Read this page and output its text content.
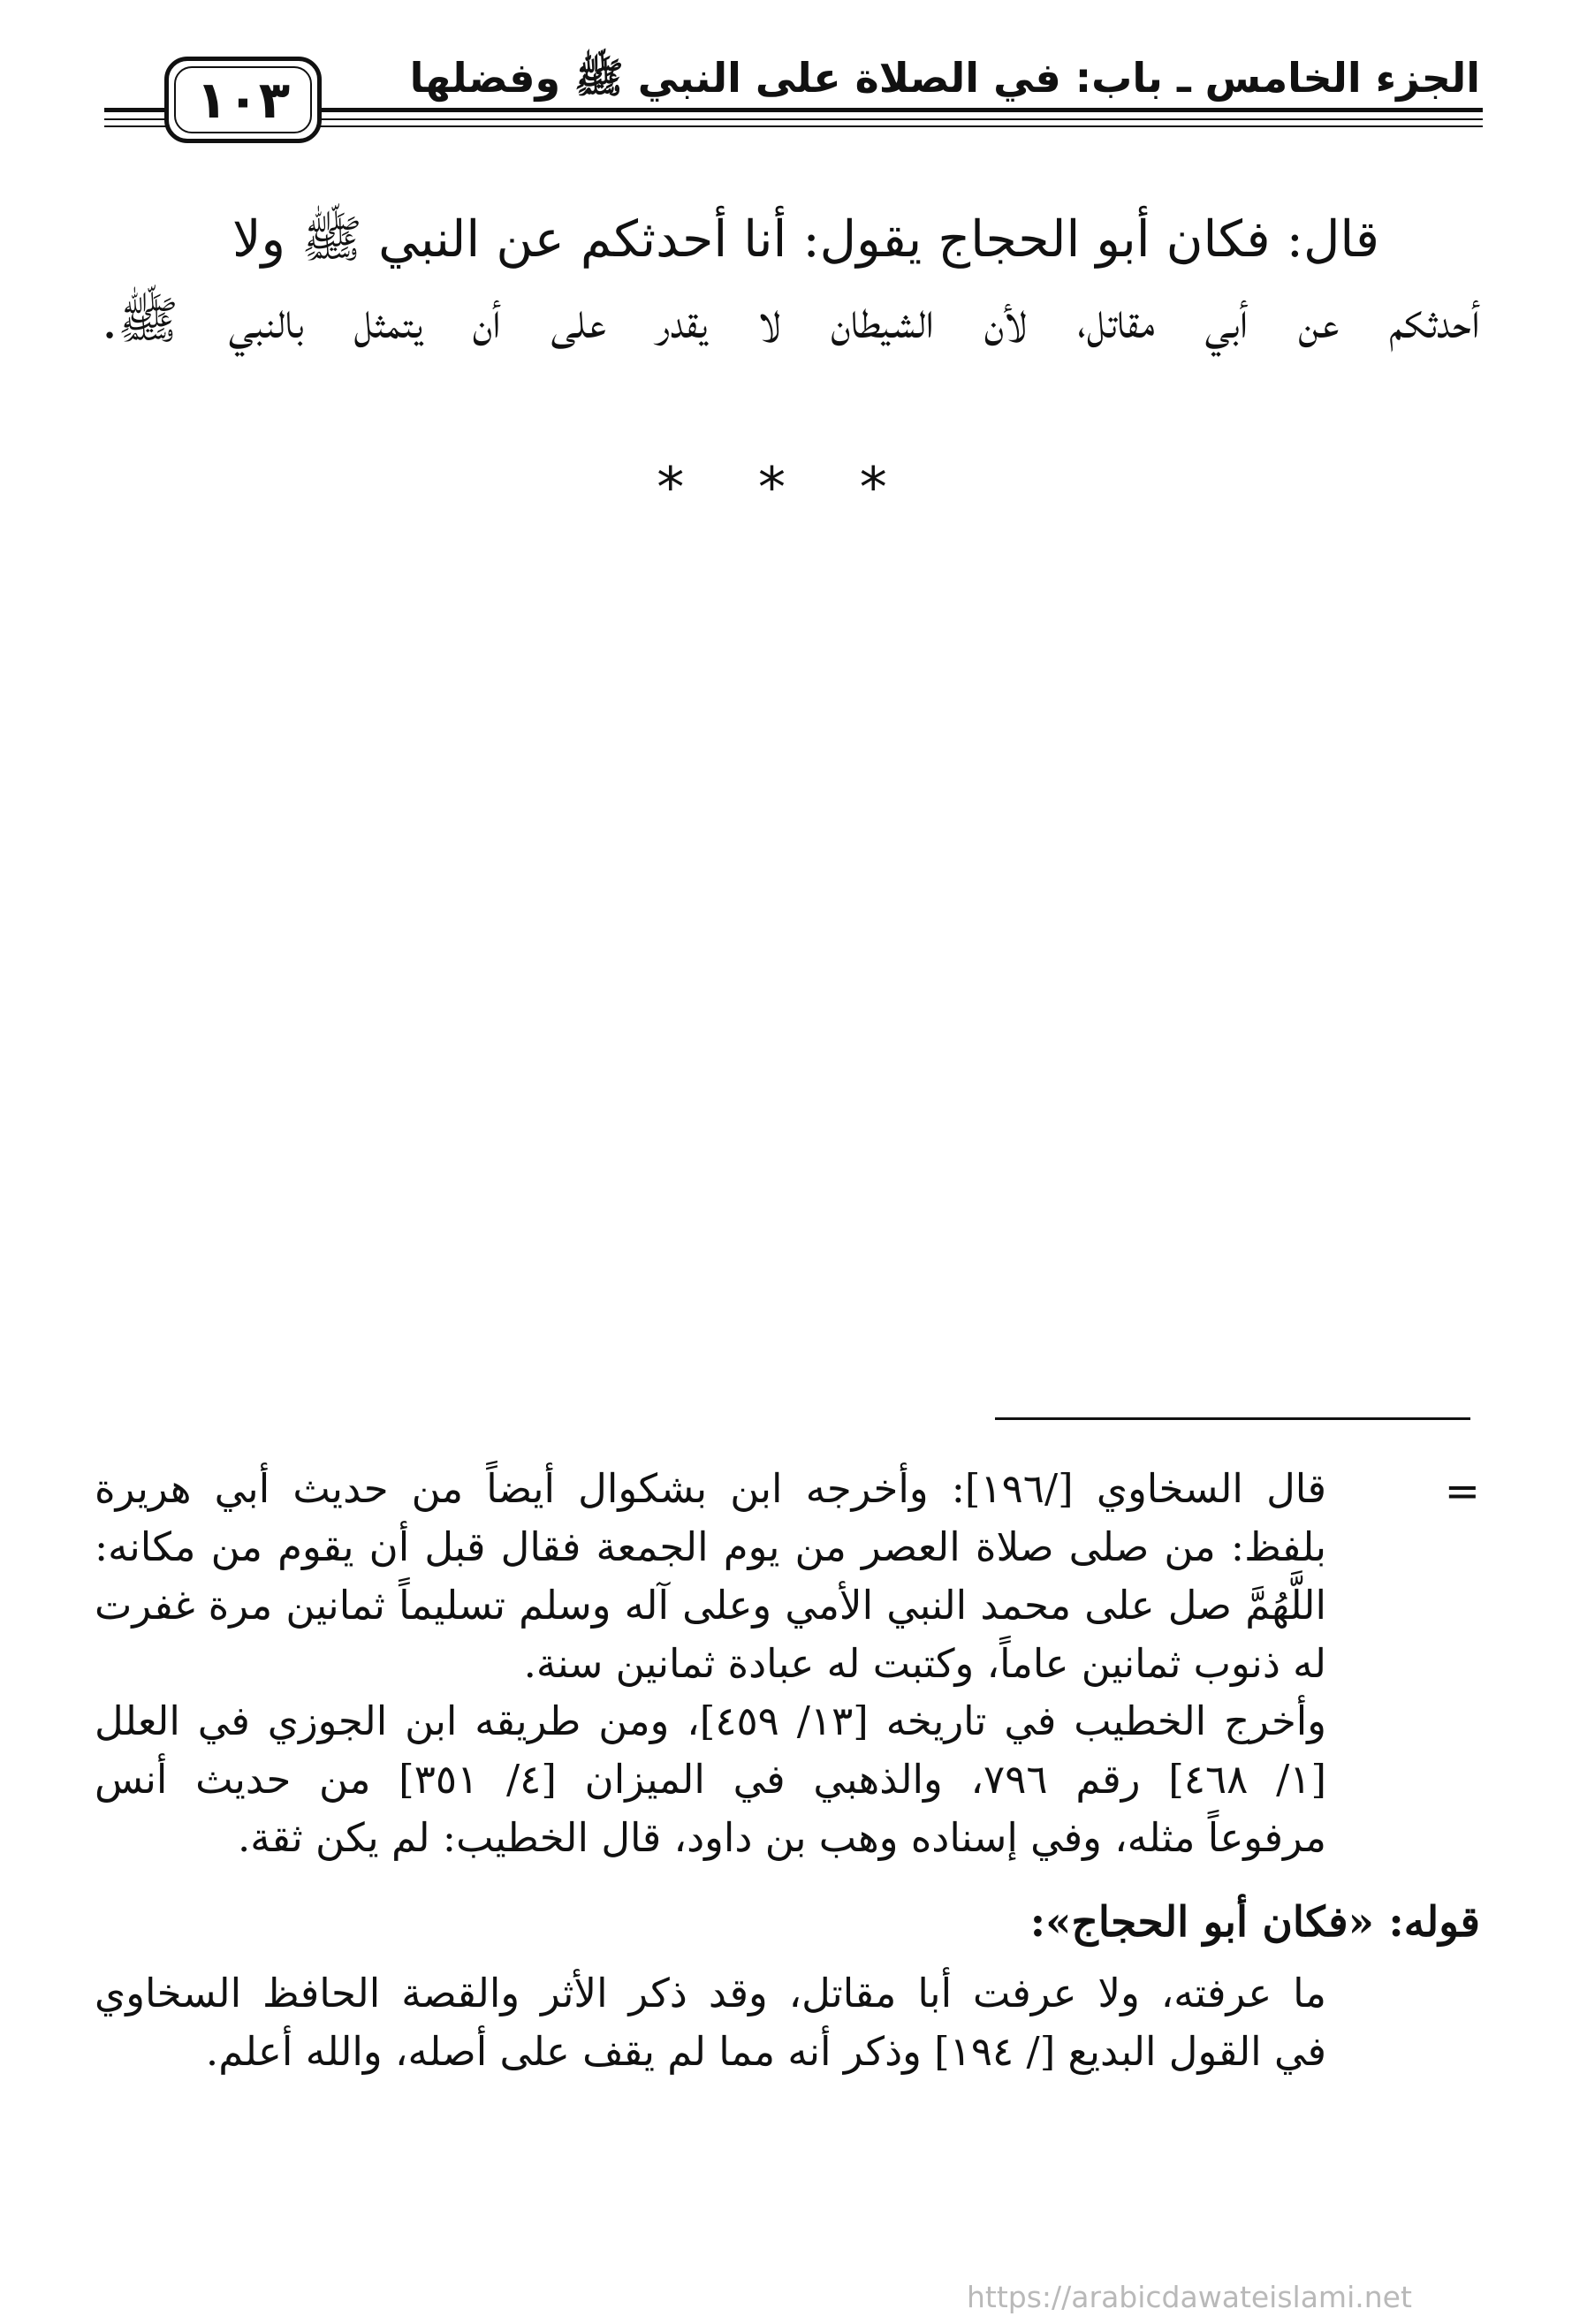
الجزء الخامس ـ باب: في الصلاة على النبي ﷺ وفضلها
١٠٣
قال: فكان أبو الحجاج يقول: أنا أحدثكم عن النبي ﷺ ولا
أحدثكم عن أبي مقاتل، لأن الشيطان لا يقدر على أن يتمثل بالنبي ﷺ.
* * *
=
قال السخاوي [/١٩٦]: وأخرجه ابن بشكوال أيضاً من حديث أبي هريرة
بلفظ: من صلى صلاة العصر من يوم الجمعة فقال قبل أن يقوم من مكانه:
اللَّهُمَّ صل على محمد النبي الأمي وعلى آله وسلم تسليماً ثمانين مرة غفرت
له ذنوب ثمانين عاماً، وكتبت له عبادة ثمانين سنة.
وأخرج الخطيب في تاريخه [١٣/ ٤٥٩]، ومن طريقه ابن الجوزي في العلل
[١/ ٤٦٨] رقم ٧٩٦، والذهبي في الميزان [٤/ ٣٥١] من حديث أنس
مرفوعاً مثله، وفي إسناده وهب بن داود، قال الخطيب: لم يكن ثقة.
قوله: «فكان أبو الحجاج»:
ما عرفته، ولا عرفت أبا مقاتل، وقد ذكر الأثر والقصة الحافظ السخاوي
في القول البديع [/ ١٩٤] وذكر أنه مما لم يقف على أصله، والله أعلم.
https://arabicdawateislami.net
